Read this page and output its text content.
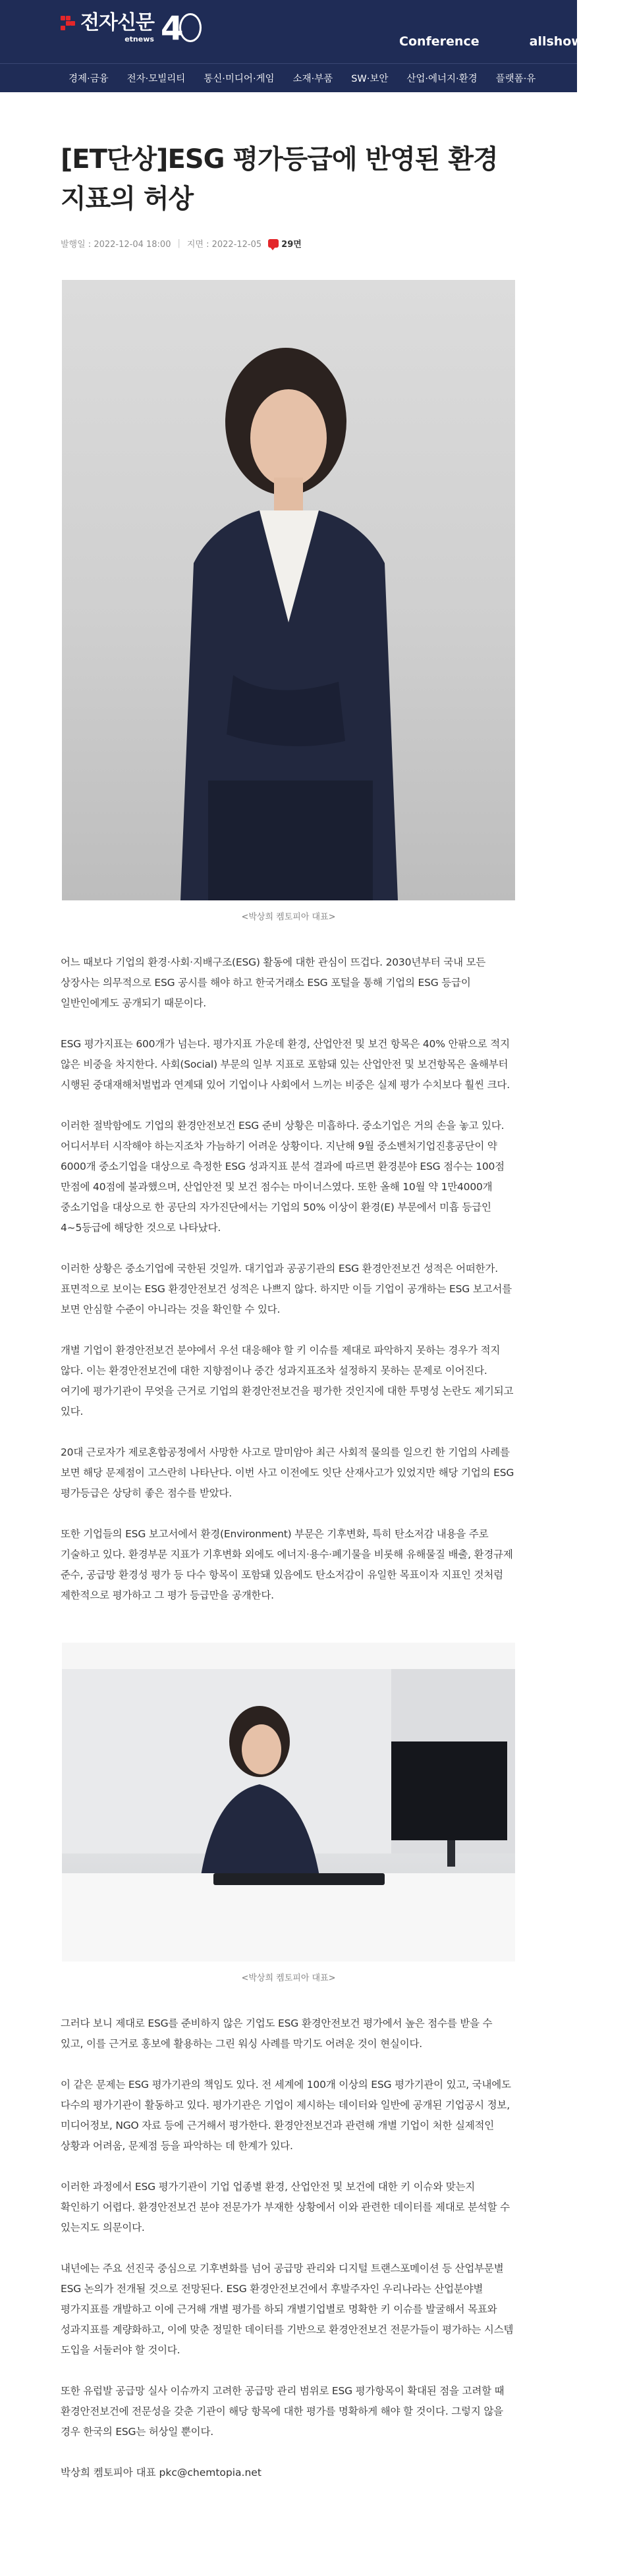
전자신문
etnews 4	Conference	allshow
경제·금융 전자·모빌리티 통신·미디어·게임 소재·부품 SW·보안 산업·에너지·환경 플랫폼·유
[ET단상]ESG 평가등급에 반영된 환경 지표의 허상
발행일 : 2022-12-04 18:00 | 지면 : 2022-12-05 29면

<박상희 켐토피아 대표>

어느 때보다 기업의 환경·사회·지배구조(ESG) 활동에 대한 관심이 뜨겁다. 2030년부터 국내 모든 상장사는 의무적으로 ESG 공시를 해야 하고 한국거래소 ESG 포털을 통해 기업의 ESG 등급이 일반인에게도 공개되기 때문이다.

ESG 평가지표는 600개가 넘는다. 평가지표 가운데 환경, 산업안전 및 보건 항목은 40% 안팎으로 적지 않은 비중을 차지한다. 사회(Social) 부문의 일부 지표로 포함돼 있는 산업안전 및 보건항목은 올해부터 시행된 중대재해처벌법과 연계돼 있어 기업이나 사회에서 느끼는 비중은 실제 평가 수치보다 훨씬 크다.

이러한 절박함에도 기업의 환경안전보건 ESG 준비 상황은 미흡하다. 중소기업은 거의 손을 놓고 있다. 어디서부터 시작해야 하는지조차 가늠하기 어려운 상황이다. 지난해 9월 중소벤처기업진흥공단이 약 6000개 중소기업을 대상으로 측정한 ESG 성과지표 분석 결과에 따르면 환경분야 ESG 점수는 100점 만점에 40점에 불과했으며, 산업안전 및 보건 점수는 마이너스였다. 또한 올해 10월 약 1만4000개 중소기업을 대상으로 한 공단의 자가진단에서는 기업의 50% 이상이 환경(E) 부문에서 미흡 등급인 4~5등급에 해당한 것으로 나타났다.

이러한 상황은 중소기업에 국한된 것일까. 대기업과 공공기관의 ESG 환경안전보건 성적은 어떠한가. 표면적으로 보이는 ESG 환경안전보건 성적은 나쁘지 않다. 하지만 이들 기업이 공개하는 ESG 보고서를 보면 안심할 수준이 아니라는 것을 확인할 수 있다.

개별 기업이 환경안전보건 분야에서 우선 대응해야 할 키 이슈를 제대로 파악하지 못하는 경우가 적지 않다. 이는 환경안전보건에 대한 지향점이나 중간 성과지표조차 설정하지 못하는 문제로 이어진다. 여기에 평가기관이 무엇을 근거로 기업의 환경안전보건을 평가한 것인지에 대한 투명성 논란도 제기되고 있다.

20대 근로자가 제로혼합공정에서 사망한 사고로 말미암아 최근 사회적 물의를 일으킨 한 기업의 사례를 보면 해당 문제점이 고스란히 나타난다. 이번 사고 이전에도 잇단 산재사고가 있었지만 해당 기업의 ESG 평가등급은 상당히 좋은 점수를 받았다.

또한 기업들의 ESG 보고서에서 환경(Environment) 부문은 기후변화, 특히 탄소저감 내용을 주로 기술하고 있다. 환경부문 지표가 기후변화 외에도 에너지·용수·폐기물을 비롯해 유해물질 배출, 환경규제 준수, 공급망 환경성 평가 등 다수 항목이 포함돼 있음에도 탄소저감이 유일한 목표이자 지표인 것처럼 제한적으로 평가하고 그 평가 등급만을 공개한다.

<박상희 켐토피아 대표>

그러다 보니 제대로 ESG를 준비하지 않은 기업도 ESG 환경안전보건 평가에서 높은 점수를 받을 수 있고, 이를 근거로 홍보에 활용하는 그린 워싱 사례를 막기도 어려운 것이 현실이다.

이 같은 문제는 ESG 평가기관의 책임도 있다. 전 세계에 100개 이상의 ESG 평가기관이 있고, 국내에도 다수의 평가기관이 활동하고 있다. 평가기관은 기업이 제시하는 데이터와 일반에 공개된 기업공시 정보, 미디어정보, NGO 자료 등에 근거해서 평가한다. 환경안전보건과 관련해 개별 기업이 처한 실제적인 상황과 어려움, 문제점 등을 파악하는 데 한계가 있다.

이러한 과정에서 ESG 평가기관이 기업 업종별 환경, 산업안전 및 보건에 대한 키 이슈와 맞는지 확인하기 어렵다. 환경안전보건 분야 전문가가 부재한 상황에서 이와 관련한 데이터를 제대로 분석할 수 있는지도 의문이다.

내년에는 주요 선진국 중심으로 기후변화를 넘어 공급망 관리와 디지털 트랜스포메이션 등 산업부문별 ESG 논의가 전개될 것으로 전망된다. ESG 환경안전보건에서 후발주자인 우리나라는 산업분야별 평가지표를 개발하고 이에 근거해 개별 평가를 하되 개별기업별로 명확한 키 이슈를 발굴해서 목표와 성과지표를 계량화하고, 이에 맞춘 정밀한 데이터를 기반으로 환경안전보건 전문가들이 평가하는 시스템 도입을 서둘러야 할 것이다.

또한 유럽발 공급망 실사 이슈까지 고려한 공급망 관리 범위로 ESG 평가항목이 확대된 점을 고려할 때 환경안전보건에 전문성을 갖춘 기관이 해당 항목에 대한 평가를 명확하게 해야 할 것이다. 그렇지 않을 경우 한국의 ESG는 허상일 뿐이다.

박상희 켐토피아 대표 pkc@chemtopia.net
